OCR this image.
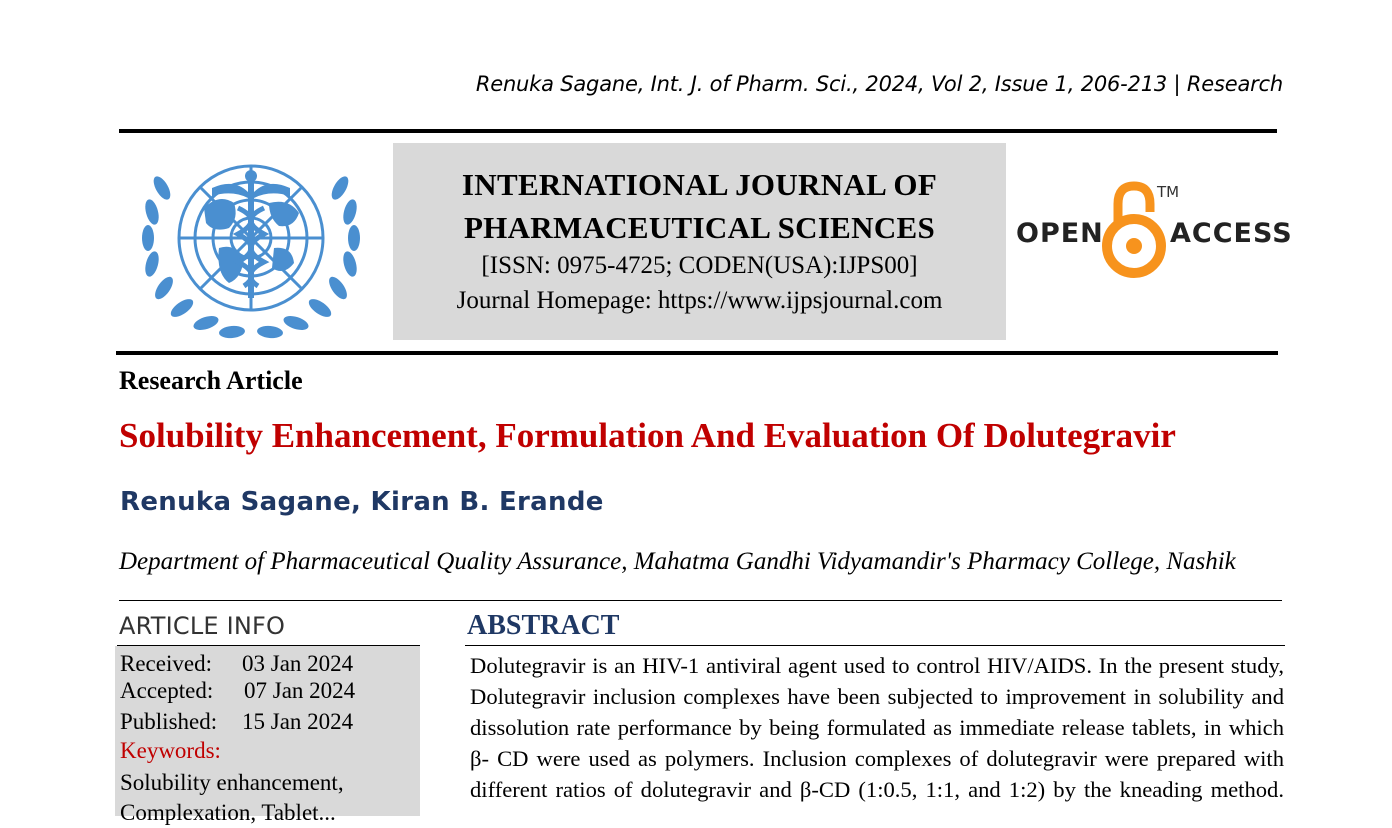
Renuka Sagane, Int. J. of Pharm. Sci., 2024, Vol 2, Issue 1, 206-213 | Research
INTERNATIONAL JOURNAL OF
PHARMACEUTICAL SCIENCES
[ISSN: 0975-4725; CODEN(USA):IJPS00]
Journal Homepage: https://www.ijpsjournal.com
OPEN
TM
ACCESS
Research Article
Solubility Enhancement, Formulation And Evaluation Of Dolutegravir
Renuka Sagane, Kiran B. Erande
Department of Pharmaceutical Quality Assurance, Mahatma Gandhi Vidyamandir's Pharmacy College, Nashik
ARTICLE INFO
Received: 03 Jan 2024
Accepted: 07 Jan 2024
Published: 15 Jan 2024
Keywords:
Solubility enhancement,
Complexation, Tablet...
ABSTRACT
Dolutegravir is an HIV-1 antiviral agent used to control HIV/AIDS. In the present study,
Dolutegravir inclusion complexes have been subjected to improvement in solubility and
dissolution rate performance by being formulated as immediate release tablets, in which
β- CD were used as polymers. Inclusion complexes of dolutegravir were prepared with
different ratios of dolutegravir and β-CD (1:0.5, 1:1, and 1:2) by the kneading method.
